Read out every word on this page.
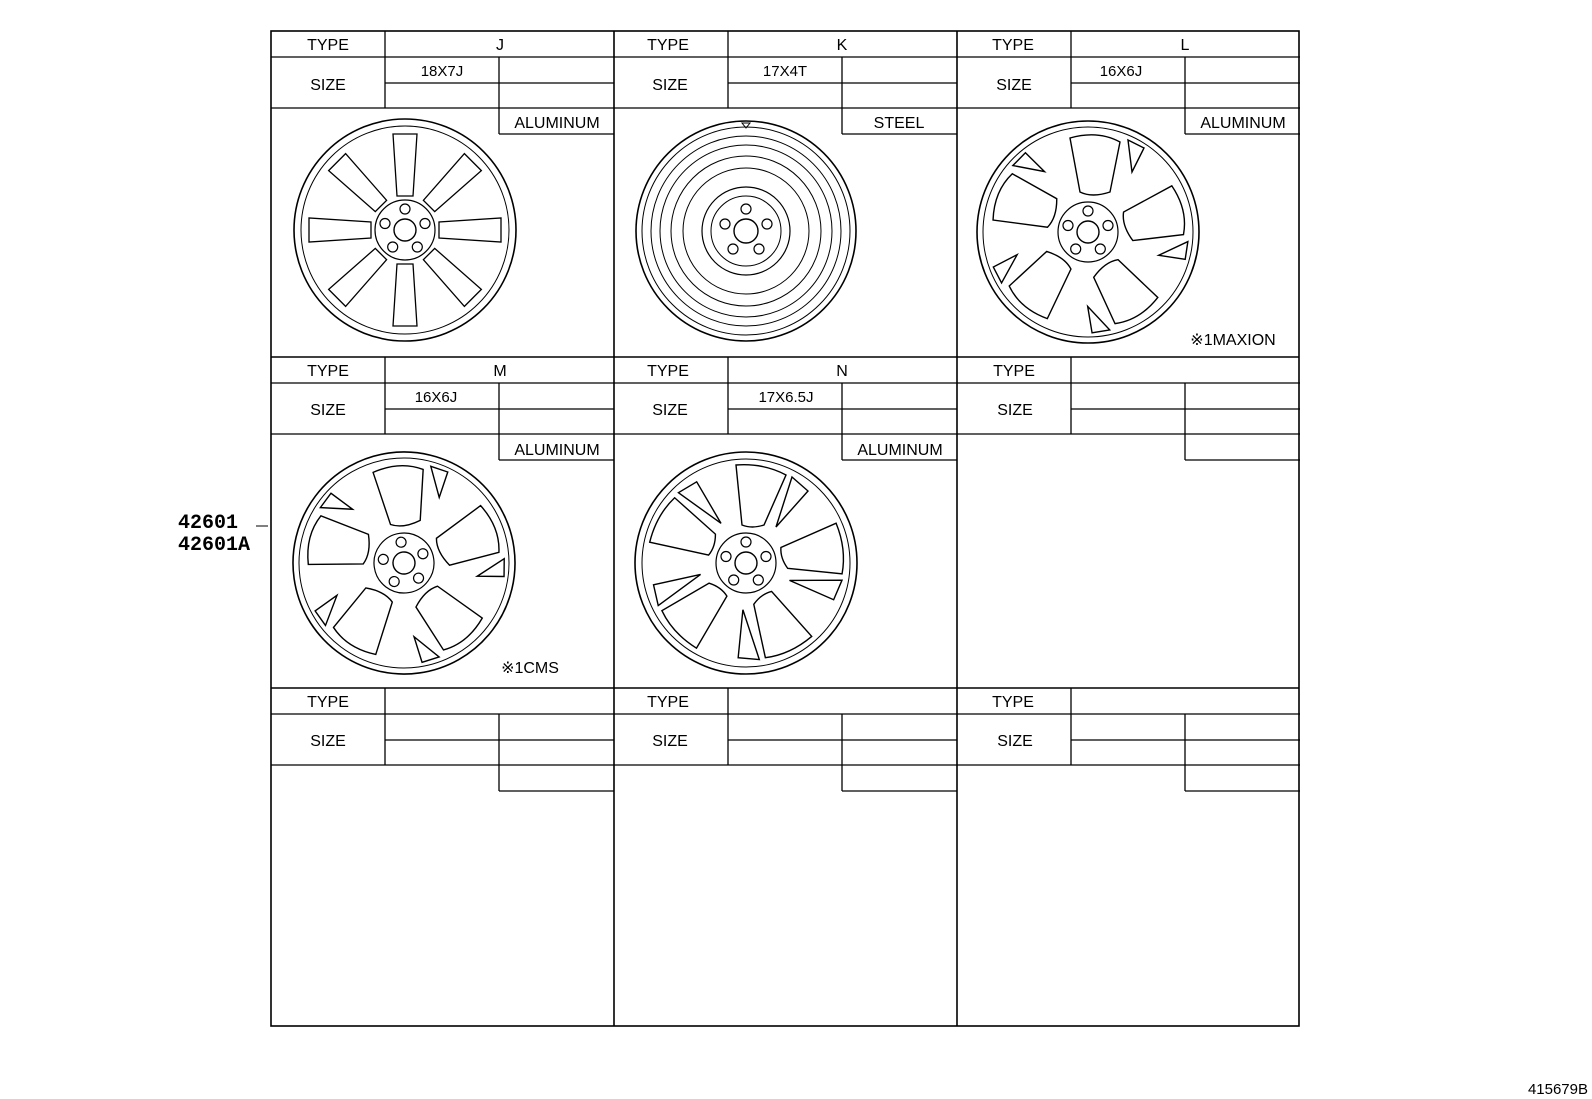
TYPE	J
SIZE
18X7J
ALUMINUM
TYPE	K
SIZE
17X4T
STEEL
TYPE	L
SIZE
16X6J
ALUMINUM
※1MAXION
TYPE	M
SIZE
16X6J
ALUMINUM
※1CMS
TYPE	N
SIZE
17X6.5J
ALUMINUM
TYPE
SIZE
TYPE
SIZE
TYPE
SIZE
TYPE
SIZE
42601
42601A
415679B
